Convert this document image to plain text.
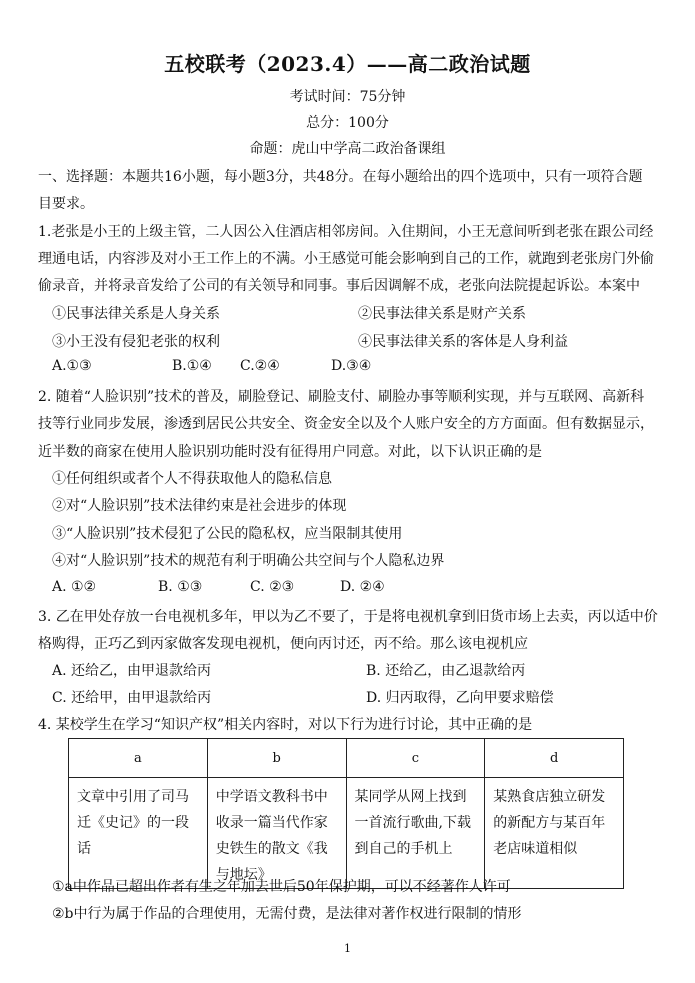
五校联考（2023.4）——高二政治试题
考试时间：75分钟
总分：100分
命题：虎山中学高二政治备课组
一、选择题：本题共16小题，每小题3分，共48分。在每小题给出的四个选项中，只有一项符合题
目要求。
1.老张是小王的上级主管，二人因公入住酒店相邻房间。入住期间，小王无意间听到老张在跟公司经
理通电话，内容涉及对小王工作上的不满。小王感觉可能会影响到自己的工作，就跑到老张房门外偷
偷录音，并将录音发给了公司的有关领导和同事。事后因调解不成，老张向法院提起诉讼。本案中
①民事法律关系是人身关系	②民事法律关系是财产关系
③小王没有侵犯老张的权利	④民事法律关系的客体是人身利益
A.①③	B.①④ C.②④	D.③④
2. 随着“人脸识别”技术的普及，刷脸登记、刷脸支付、刷脸办事等顺利实现，并与互联网、高新科
技等行业同步发展，渗透到居民公共安全、资金安全以及个人账户安全的方方面面。但有数据显示，
近半数的商家在使用人脸识别功能时没有征得用户同意。对此，以下认识正确的是
①任何组织或者个人不得获取他人的隐私信息
②对“人脸识别”技术法律约束是社会进步的体现
③“人脸识别”技术侵犯了公民的隐私权，应当限制其使用
④对“人脸识别”技术的规范有利于明确公共空间与个人隐私边界
A. ①②	B. ①③	C. ②③	D. ②④
3. 乙在甲处存放一台电视机多年，甲以为乙不要了，于是将电视机拿到旧货市场上去卖，丙以适中价
格购得，正巧乙到丙家做客发现电视机，便向丙讨还，丙不给。那么该电视机应
A. 还给乙，由甲退款给丙	B. 还给乙，由乙退款给丙
C. 还给甲，由甲退款给丙	D. 归丙取得，乙向甲要求赔偿
4. 某校学生在学习“知识产权”相关内容时，对以下行为进行讨论，其中正确的是
a	b	c	d
文章中引用了司马迁《史记》的一段话	中学语文教科书中收录一篇当代作家史铁生的散文《我与地坛》	某同学从网上找到一首流行歌曲,下载到自己的手机上	某熟食店独立研发的新配方与某百年老店味道相似
①a中作品已超出作者有生之年加去世后50年保护期，可以不经著作人许可
②b中行为属于作品的合理使用，无需付费，是法律对著作权进行限制的情形
1
